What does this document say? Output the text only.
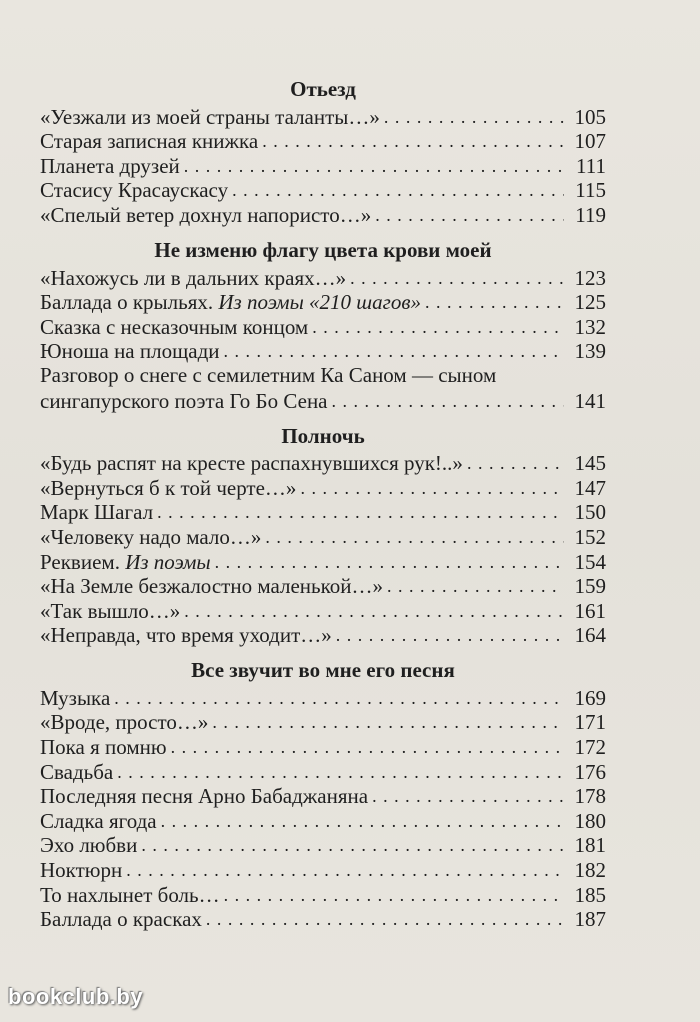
Отьезд
«Уезжали из моей страны таланты…» . . .	105
Старая записная книжка . . .	107
Планета друзей . . .	111
Стасису Красаускасу . . .	115
«Спелый ветер дохнул напористо…» . . .	119
Не изменю флагу цвета крови моей
«Нахожусь ли в дальних краях…» . . .	123
Баллада о крыльях. Из поэмы «210 шагов» . . .	125
Сказка с несказочным концом . . .	132
Юноша на площади . . .	139
Разговор о снеге с семилетним Ка Саном — сыном
сингапурского поэта Го Бо Сена . . .	141
Полночь
«Будь распят на кресте распахнувшихся рук!..» . . .	145
«Вернуться б к той черте…» . . .	147
Марк Шагал . . .	150
«Человеку надо мало…» . . .	152
Реквием. Из поэмы . . .	154
«На Земле безжалостно маленькой…» . . .	159
«Так вышло…» . . .	161
«Неправда, что время уходит…» . . .	164
Все звучит во мне его песня
Музыка . . .	169
«Вроде, просто…» . . .	171
Пока я помню . . .	172
Свадьба . . .	176
Последняя песня Арно Бабаджаняна . . .	178
Сладка ягода . . .	180
Эхо любви . . .	181
Ноктюрн . . .	182
То нахлынет боль… . . .	185
Баллада о красках . . .	187
bookclub.by
